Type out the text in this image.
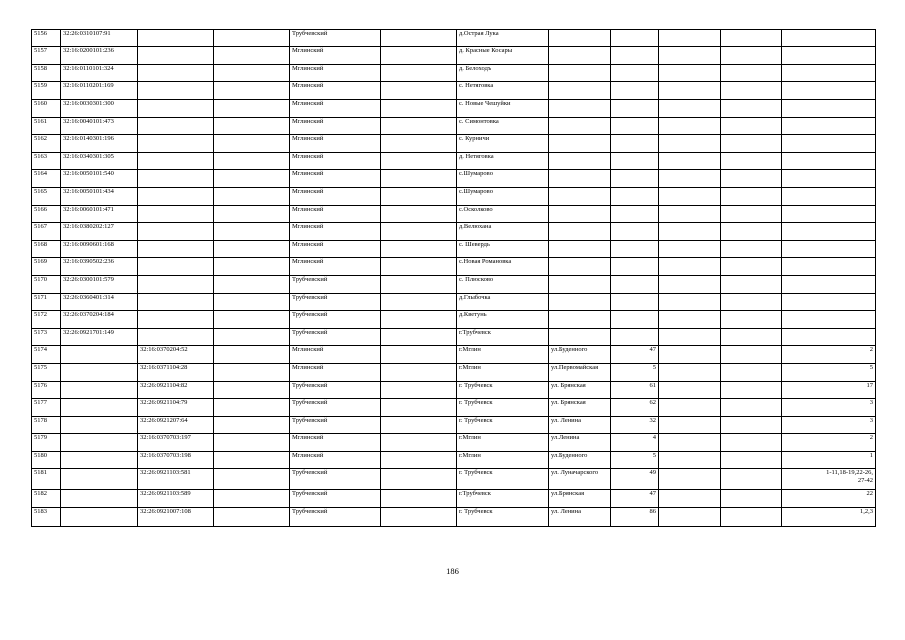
5156	32:26:0310107:91			Трубчевский		д.Острая Лука					
5157	32:16:0200101:236			Мглинский		д. Красные Косары					
5158	32:16:0110101:324			Мглинский		д. Белоходъ					
5159	32:16:0110201:169			Мглинский		с. Нетяговка					
5160	32:16:0030301:300			Мглинский		с. Новые Чешуйки					
5161	32:16:0040101:473			Мглинский		с. Симонтовка					
5162	32:16:0140301:196			Мглинский		с. Курничи					
5163	32:16:0340301:305			Мглинский		д. Нетяговка					
5164	32:16:0050101:540			Мглинский		с.Шумарово					
5165	32:16:0050101:434			Мглинский		с.Шумарово					
5166	32:16:0060101:471			Мглинский		с.Осколково					
5167	32:16:0380202:127			Мглинский		д.Велюхана					
5168	32:16:0090601:168			Мглинский		с. Шевердь					
5169	32:16:0390502:236			Мглинский		с.Новая Романовка					
5170	32:26:0300101:579			Трубчевский		с. Плюсково					
5171	32:26:0360401:314			Трубчевский		д.Глыбочка					
5172	32:26:0370204:184			Трубчевский		д.Кветунь					
5173	32:26:0921701:149			Трубчевский		г.Трубчевск					
5174		32:16:0370204:52		Мглинский		г.Мглин	ул.Буденного	47			2
5175		32:16:0371104:28		Мглинский		г.Мглин	ул.Первомайская	5			5
5176		32:26:0921104:82		Трубчевский		г. Трубчевск	ул. Брянская	61			17
5177		32:26:0921104:79		Трубчевский		г. Трубчевск	ул. Брянская	62			3
5178		32:26:0921207:64		Трубчевский		г. Трубчевск	ул. Ленина	32			3
5179		32:16:0370703:197		Мглинский		г.Мглин	ул.Ленина	4			2
5180		32:16:0370703:198		Мглинский		г.Мглин	ул.Буденного	5			1
5181		32:26:0921103:581		Трубчевский		г. Трубчевск	ул. Луначарского	49			1-11,18-19,22-26,
27-42
5182		32:26:0921103:589		Трубчевский		г.Трубчевск	ул.Брянская	47			22
5183		32:26:0921007:108		Трубчевский		г. Трубчевск	ул. Ленина	86			1,2,3
186
